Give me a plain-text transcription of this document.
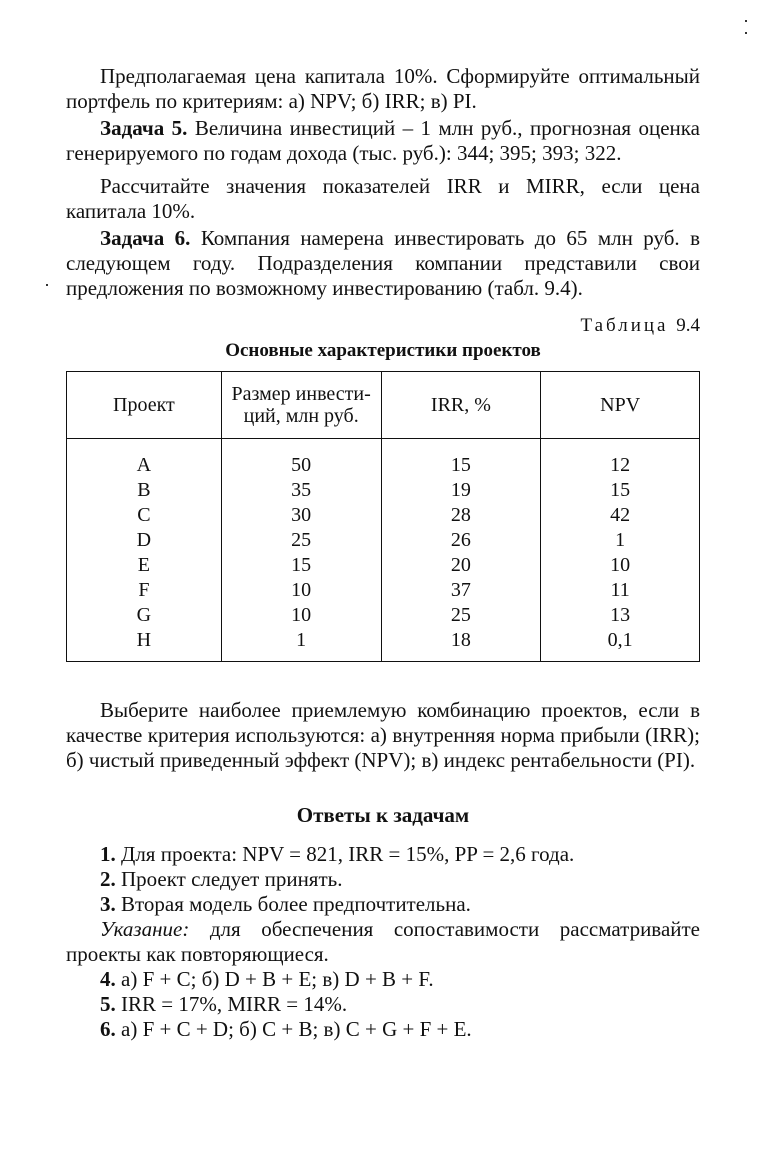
Предполагаемая цена капитала 10%. Сформируйте оптимальный портфель по критериям: а) NPV; б) IRR; в) PI.

Задача 5. Величина инвестиций – 1 млн руб., прогнозная оценка генерируемого по годам дохода (тыс. руб.): 344; 395; 393; 322.

Рассчитайте значения показателей IRR и MIRR, если цена капитала 10%.

Задача 6. Компания намерена инвестировать до 65 млн руб. в следующем году. Подразделения компании представили свои предложения по возможному инвестированию (табл. 9.4).

Таблица 9.4
Основные характеристики проектов
Проект	Размер инвести-ций, млн руб.	IRR, %	NPV
A	50	15	12
B	35	19	15
C	30	28	42
D	25	26	1
E	15	20	10
F	10	37	11
G	10	25	13
H	1	18	0,1

Выберите наиболее приемлемую комбинацию проектов, если в качестве критерия используются: а) внутренняя норма прибыли (IRR); б) чистый приведенный эффект (NPV); в) индекс рентабельности (PI).

Ответы к задачам

1. Для проекта: NPV = 821, IRR = 15%, PP = 2,6 года.

2. Проект следует принять.

3. Вторая модель более предпочтительна.

Указание: для обеспечения сопоставимости рассматривайте проекты как повторяющиеся.

4. а) F + C; б) D + B + E; в) D + B + F.

5. IRR = 17%, MIRR = 14%.

6. а) F + C + D; б) C + B; в) C + G + F + E.
